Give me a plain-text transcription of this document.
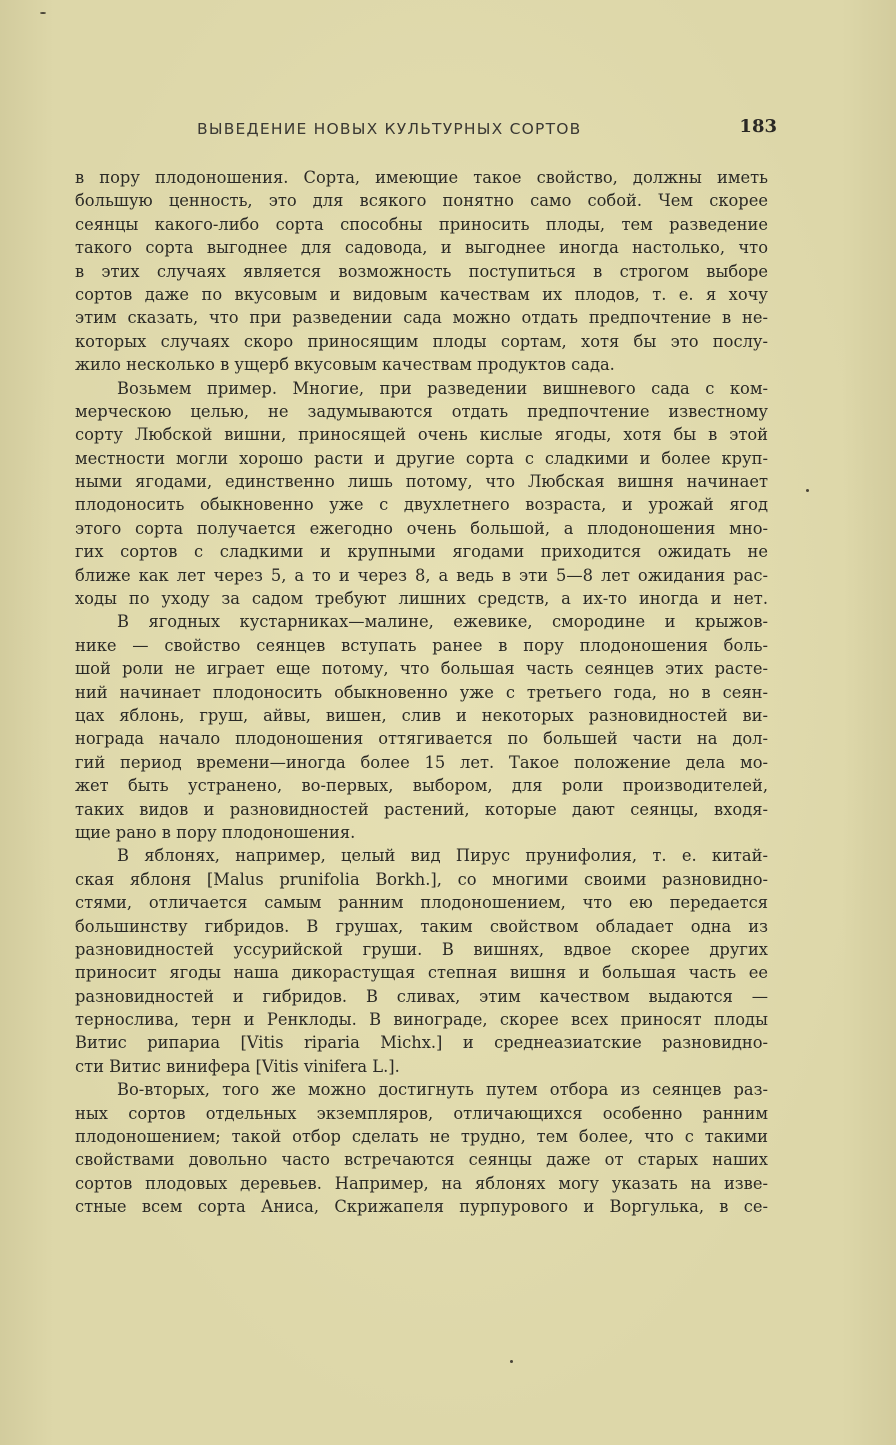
ВЫВЕДЕНИЕ НОВЫХ КУЛЬТУРНЫХ СОРТОВ	183
в пору плодоношения. Сорта, имеющие такое свойство, должны иметь
большую ценность, это для всякого понятно само собой. Чем скорее
сеянцы какого-либо сорта способны приносить плоды, тем разведение
такого сорта выгоднее для садовода, и выгоднее иногда настолько, что
в этих случаях является возможность поступиться в строгом выборе
сортов даже по вкусовым и видовым качествам их плодов, т. е. я хочу
этим сказать, что при разведении сада можно отдать предпочтение в не-
которых случаях скоро приносящим плоды сортам, хотя бы это послу-
жило несколько в ущерб вкусовым качествам продуктов сада.
Возьмем пример. Многие, при разведении вишневого сада с ком-
мерческою целью, не задумываются отдать предпочтение известному
сорту Любской вишни, приносящей очень кислые ягоды, хотя бы в этой
местности могли хорошо расти и другие сорта с сладкими и более круп-
ными ягодами, единственно лишь потому, что Любская вишня начинает
плодоносить обыкновенно уже с двухлетнего возраста, и урожай ягод
этого сорта получается ежегодно очень большой, а плодоношения мно-
гих сортов с сладкими и крупными ягодами приходится ожидать не
ближе как лет через 5, а то и через 8, а ведь в эти 5—8 лет ожидания рас-
ходы по уходу за садом требуют лишних средств, а их-то иногда и нет.
В ягодных кустарниках—малине, ежевике, смородине и крыжов-
нике — свойство сеянцев вступать ранее в пору плодоношения боль-
шой роли не играет еще потому, что большая часть сеянцев этих расте-
ний начинает плодоносить обыкновенно уже с третьего года, но в сеян-
цах яблонь, груш, айвы, вишен, слив и некоторых разновидностей ви-
нограда начало плодоношения оттягивается по большей части на дол-
гий период времени—иногда более 15 лет. Такое положение дела мо-
жет быть устранено, во-первых, выбором, для роли производителей,
таких видов и разновидностей растений, которые дают сеянцы, входя-
щие рано в пору плодоношения.
В яблонях, например, целый вид Пирус прунифолия, т. е. китай-
ская яблоня [Malus prunifolia Borkh.], со многими своими разновидно-
стями, отличается самым ранним плодоношением, что ею передается
большинству гибридов. В грушах, таким свойством обладает одна из
разновидностей уссурийской груши. В вишнях, вдвое скорее других
приносит ягоды наша дикорастущая степная вишня и большая часть ее
разновидностей и гибридов. В сливах, этим качеством выдаются —
тернослива, терн и Ренклоды. В винограде, скорее всех приносят плоды
Витис рипариа [Vitis riparia Michx.] и среднеазиатские разновидно-
сти Витис винифера [Vitis vinifera L.].
Во-вторых, того же можно достигнуть путем отбора из сеянцев раз-
ных сортов отдельных экземпляров, отличающихся особенно ранним
плодоношением; такой отбор сделать не трудно, тем более, что с такими
свойствами довольно часто встречаются сеянцы даже от старых наших
сортов плодовых деревьев. Например, на яблонях могу указать на изве-
стные всем сорта Аниса, Скрижапеля пурпурового и Воргулька, в се-
